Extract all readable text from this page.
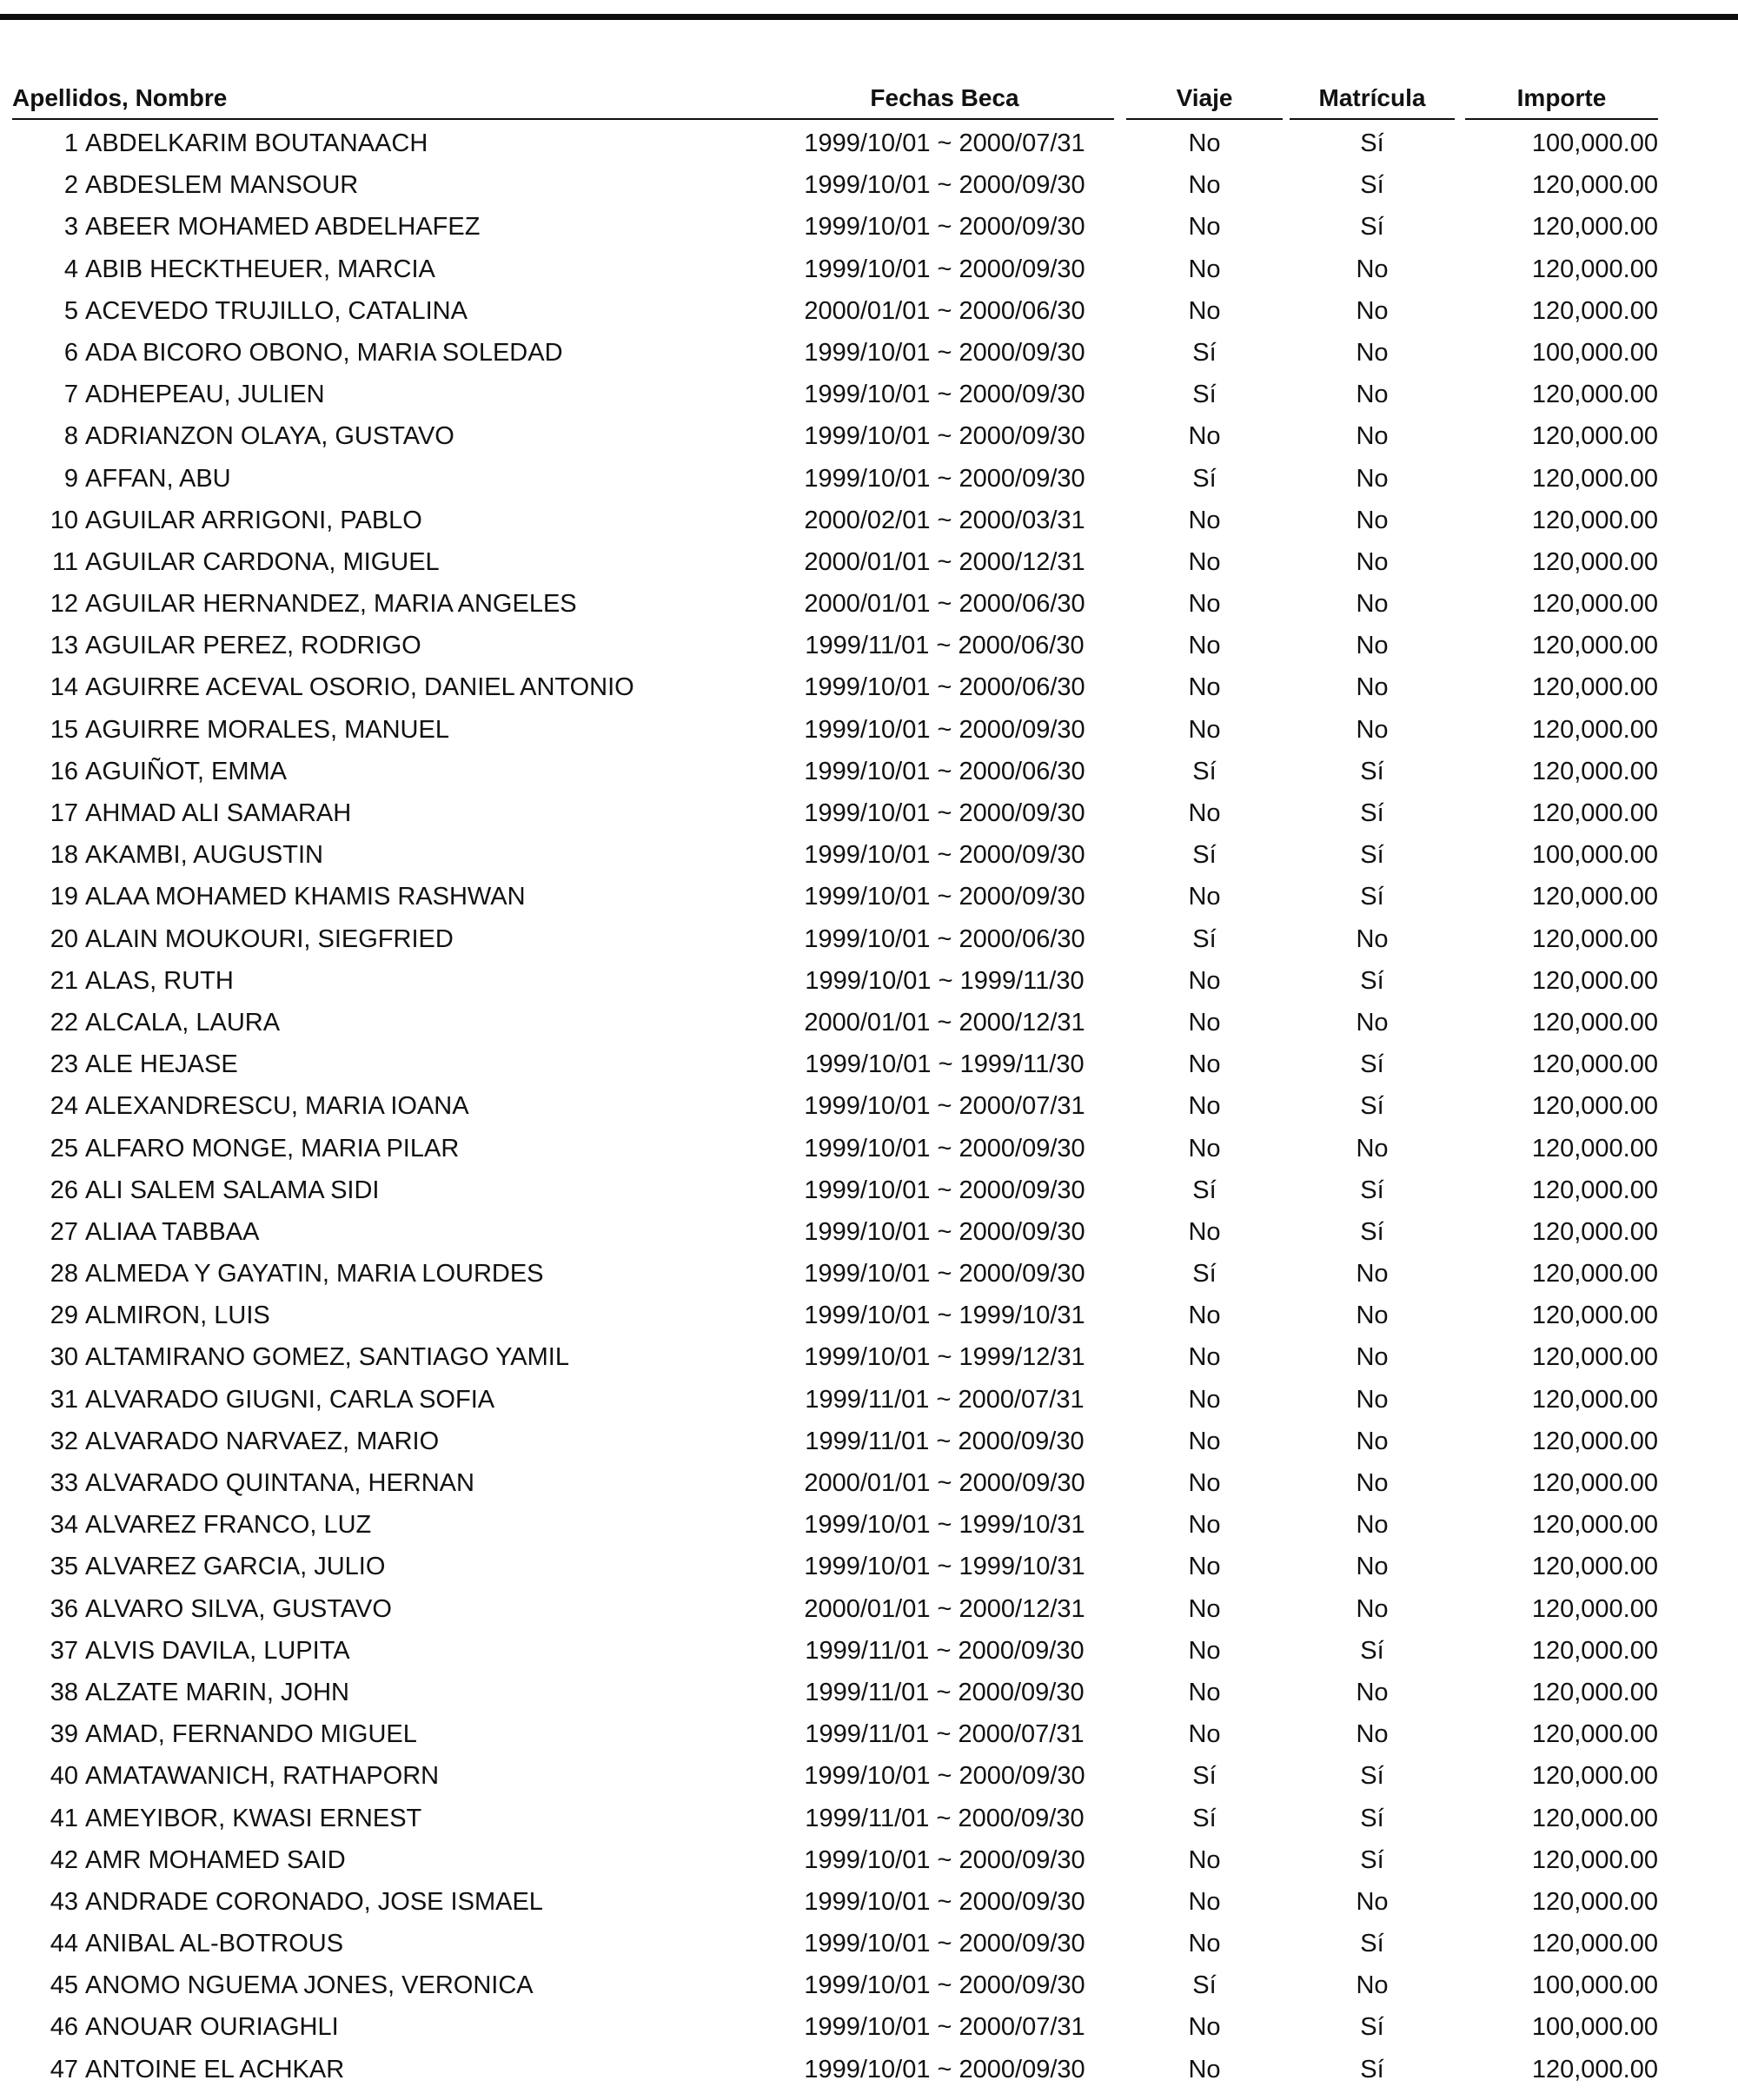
Apellidos, Nombre	Fechas Beca	Viaje	Matrícula	Importe
1 ABDELKARIM BOUTANAACH	1999/10/01 ~ 2000/07/31	No	Sí	100,000.00
2 ABDESLEM MANSOUR	1999/10/01 ~ 2000/09/30	No	Sí	120,000.00
3 ABEER MOHAMED ABDELHAFEZ	1999/10/01 ~ 2000/09/30	No	Sí	120,000.00
4 ABIB HECKTHEUER, MARCIA	1999/10/01 ~ 2000/09/30	No	No	120,000.00
5 ACEVEDO TRUJILLO, CATALINA	2000/01/01 ~ 2000/06/30	No	No	120,000.00
6 ADA BICORO OBONO, MARIA SOLEDAD	1999/10/01 ~ 2000/09/30	Sí	No	100,000.00
7 ADHEPEAU, JULIEN	1999/10/01 ~ 2000/09/30	Sí	No	120,000.00
8 ADRIANZON OLAYA, GUSTAVO	1999/10/01 ~ 2000/09/30	No	No	120,000.00
9 AFFAN, ABU	1999/10/01 ~ 2000/09/30	Sí	No	120,000.00
10 AGUILAR ARRIGONI, PABLO	2000/02/01 ~ 2000/03/31	No	No	120,000.00
11 AGUILAR CARDONA, MIGUEL	2000/01/01 ~ 2000/12/31	No	No	120,000.00
12 AGUILAR HERNANDEZ, MARIA ANGELES	2000/01/01 ~ 2000/06/30	No	No	120,000.00
13 AGUILAR PEREZ, RODRIGO	1999/11/01 ~ 2000/06/30	No	No	120,000.00
14 AGUIRRE ACEVAL OSORIO, DANIEL ANTONIO	1999/10/01 ~ 2000/06/30	No	No	120,000.00
15 AGUIRRE MORALES, MANUEL	1999/10/01 ~ 2000/09/30	No	No	120,000.00
16 AGUIÑOT, EMMA	1999/10/01 ~ 2000/06/30	Sí	Sí	120,000.00
17 AHMAD ALI SAMARAH	1999/10/01 ~ 2000/09/30	No	Sí	120,000.00
18 AKAMBI, AUGUSTIN	1999/10/01 ~ 2000/09/30	Sí	Sí	100,000.00
19 ALAA MOHAMED KHAMIS RASHWAN	1999/10/01 ~ 2000/09/30	No	Sí	120,000.00
20 ALAIN MOUKOURI, SIEGFRIED	1999/10/01 ~ 2000/06/30	Sí	No	120,000.00
21 ALAS, RUTH	1999/10/01 ~ 1999/11/30	No	Sí	120,000.00
22 ALCALA, LAURA	2000/01/01 ~ 2000/12/31	No	No	120,000.00
23 ALE HEJASE	1999/10/01 ~ 1999/11/30	No	Sí	120,000.00
24 ALEXANDRESCU, MARIA IOANA	1999/10/01 ~ 2000/07/31	No	Sí	120,000.00
25 ALFARO MONGE, MARIA PILAR	1999/10/01 ~ 2000/09/30	No	No	120,000.00
26 ALI SALEM SALAMA SIDI	1999/10/01 ~ 2000/09/30	Sí	Sí	120,000.00
27 ALIAA TABBAA	1999/10/01 ~ 2000/09/30	No	Sí	120,000.00
28 ALMEDA Y GAYATIN, MARIA LOURDES	1999/10/01 ~ 2000/09/30	Sí	No	120,000.00
29 ALMIRON, LUIS	1999/10/01 ~ 1999/10/31	No	No	120,000.00
30 ALTAMIRANO GOMEZ, SANTIAGO YAMIL	1999/10/01 ~ 1999/12/31	No	No	120,000.00
31 ALVARADO GIUGNI, CARLA SOFIA	1999/11/01 ~ 2000/07/31	No	No	120,000.00
32 ALVARADO NARVAEZ, MARIO	1999/11/01 ~ 2000/09/30	No	No	120,000.00
33 ALVARADO QUINTANA, HERNAN	2000/01/01 ~ 2000/09/30	No	No	120,000.00
34 ALVAREZ FRANCO, LUZ	1999/10/01 ~ 1999/10/31	No	No	120,000.00
35 ALVAREZ GARCIA, JULIO	1999/10/01 ~ 1999/10/31	No	No	120,000.00
36 ALVARO SILVA, GUSTAVO	2000/01/01 ~ 2000/12/31	No	No	120,000.00
37 ALVIS DAVILA, LUPITA	1999/11/01 ~ 2000/09/30	No	Sí	120,000.00
38 ALZATE MARIN, JOHN	1999/11/01 ~ 2000/09/30	No	No	120,000.00
39 AMAD, FERNANDO MIGUEL	1999/11/01 ~ 2000/07/31	No	No	120,000.00
40 AMATAWANICH, RATHAPORN	1999/10/01 ~ 2000/09/30	Sí	Sí	120,000.00
41 AMEYIBOR, KWASI ERNEST	1999/11/01 ~ 2000/09/30	Sí	Sí	120,000.00
42 AMR MOHAMED SAID	1999/10/01 ~ 2000/09/30	No	Sí	120,000.00
43 ANDRADE CORONADO, JOSE ISMAEL	1999/10/01 ~ 2000/09/30	No	No	120,000.00
44 ANIBAL AL-BOTROUS	1999/10/01 ~ 2000/09/30	No	Sí	120,000.00
45 ANOMO NGUEMA JONES, VERONICA	1999/10/01 ~ 2000/09/30	Sí	No	100,000.00
46 ANOUAR OURIAGHLI	1999/10/01 ~ 2000/07/31	No	Sí	100,000.00
47 ANTOINE EL ACHKAR	1999/10/01 ~ 2000/09/30	No	Sí	120,000.00
